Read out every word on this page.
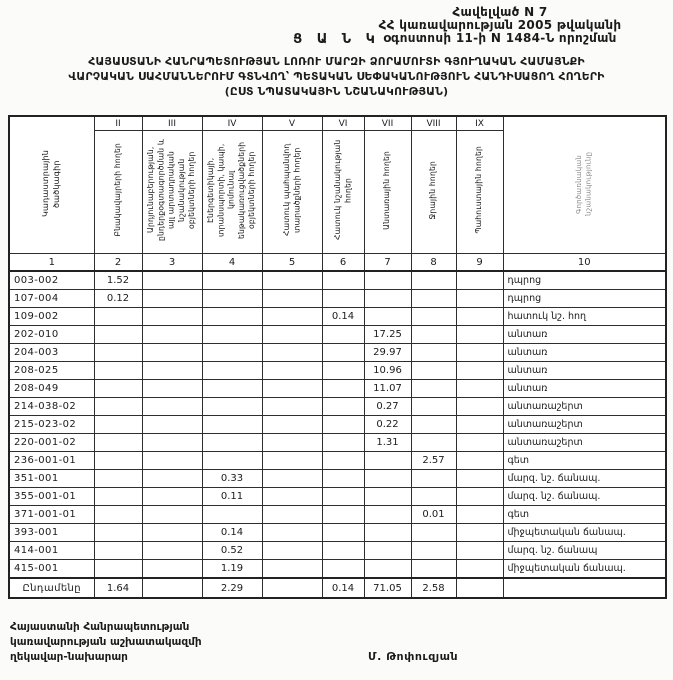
Հավելված N 7
ՀՀ կառավարության 2005 թվականի
օգոստոսի 11-ի N 1484-Ն որոշման
Ց Ա Ն Կ
ՀԱՅԱՍՏԱՆԻ ՀԱՆՐԱՊԵՏՈՒԹՅԱՆ ԼՈՌՈՒ ՄԱՐԶԻ ՁՈՐԱՄՈՒՏԻ ԳՅՈՒՂԱԿԱՆ ՀԱՄԱՅՆՔԻ
ՎԱՐՉԱԿԱՆ ՍԱՀՄԱՆՆԵՐՈՒՄ ԳՏՆՎՈՂ՝ ՊԵՏԱԿԱՆ ՍԵՓԱԿԱՆՈՒԹՅՈՒՆ ՀԱՆԴԻՍԱՑՈՂ ՀՈՂԵՐԻ
(ԸՍՏ ՆՊԱՏԱԿԱՅԻՆ ՆՇԱՆԱԿՈՒԹՅԱՆ)
Կադաստրային ծածկագիր	II	III	IV	V	VI	VII	VIII	IX	Գործառնական նշանակությունը
	Բնակավայրերի հողեր	Արդյունաբերության, ընդերքօգտագործման և այլ արտադրական նշանակության օբյեկտների հողեր	Էներգետիկայի, տրանսպորտի, կապի, կոմունալ ենթակառուցվածքների օբյեկտների հողեր	Հատուկ պահպանվող տարածքների հողեր	Հատուկ նշանակության հողեր	Անտառային հողեր	Ջրային հողեր	Պահուստային հողեր	
1	2	3	4	5	6	7	8	9	10
003-002	1.52								դպրոց
107-004	0.12								դպրոց
109-002					0.14				հատուկ նշ. հող
202-010						17.25			անտառ
204-003						29.97			անտառ
208-025						10.96			անտառ
208-049						11.07			անտառ
214-038-02						0.27			անտառաշերտ
215-023-02						0.22			անտառաշերտ
220-001-02						1.31			անտառաշերտ
236-001-01							2.57		գետ
351-001			0.33						մարզ. նշ. ճանապ.
355-001-01			0.11						մարզ. նշ. ճանապ.
371-001-01							0.01		գետ
393-001			0.14						միջպետական ճանապ.
414-001			0.52						մարզ. նշ. ճանապ
415-001			1.19						միջպետական ճանապ.
Ընդամենը	1.64		2.29		0.14	71.05	2.58		
Հայաստանի Հանրապետության
կառավարության աշխատակազմի
ղեկավար-նախարար	Մ. Թոփուզյան
